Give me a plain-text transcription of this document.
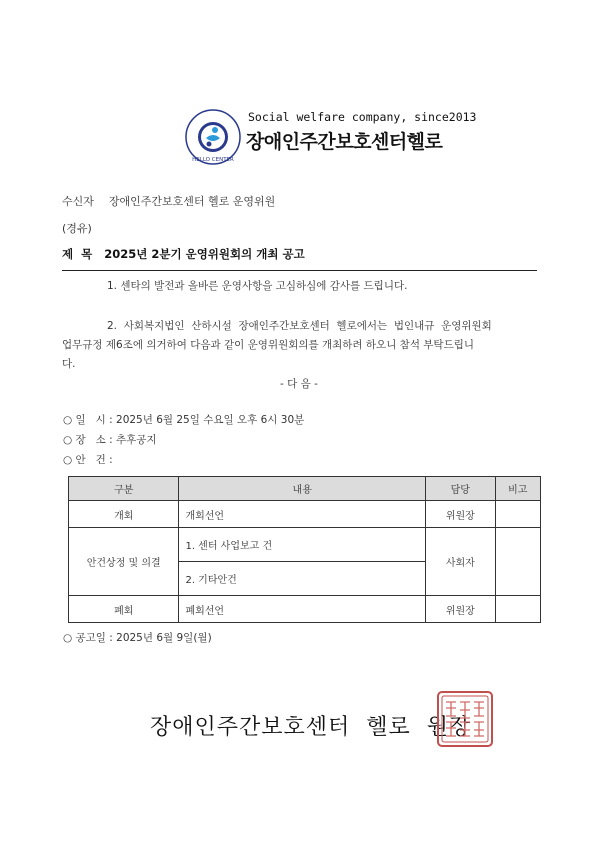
HELLO CENTER
Social welfare company, since2013
장애인주간보호센터헬로
수신자 장애인주간보호센터 헬로 운영위원
(경유)
제  목 2025년 2분기 운영위원회의 개최 공고
1. 센타의 발전과 올바른 운영사항을 고심하심에 감사를 드립니다.
2.  사회복지법인  산하시설  장애인주간보호센터  헬로에서는  법인내규  운영위원회
업무규정 제6조에 의거하여 다음과 같이 운영위원회의를 개최하려 하오니 참석 부탁드립니
다.
- 다 음 -
○ 일   시 : 2025년 6월 25일 수요일 오후 6시 30분
○ 장   소 : 추후공지
○ 안   건 :
구분	내용	담당	비고
개회	개회선언	위원장	
안건상정 및 의결	1. 센터 사업보고 건	사회자	
	2. 기타안건		
폐회	폐회선언	위원장	
○ 공고일 : 2025년 6월 9일(월)
장애인주간보호센터  헬로  원장
